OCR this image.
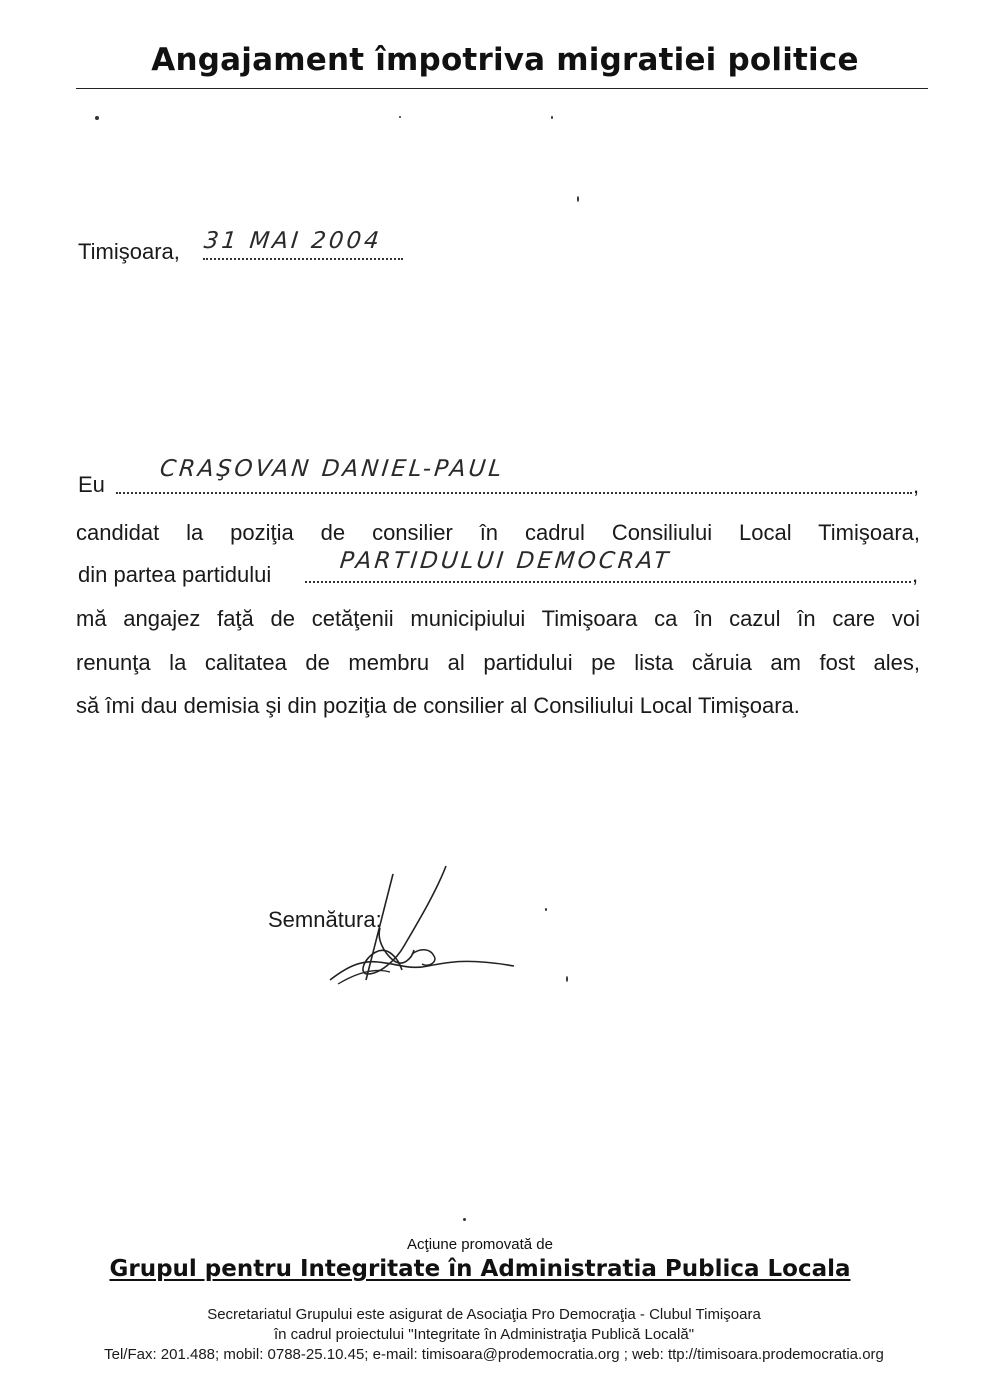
Angajament împotriva migratiei politice
Timişoara, 31 MAI 2004
Eu	,
CRAŞOVAN DANIEL-PAUL
candidat la poziţia de consilier în cadrul Consiliului Local Timişoara,
din partea partidului	,
PARTIDULUI DEMOCRAT
mă angajez faţă de cetăţenii municipiului Timişoara ca în cazul în care voi
renunţa la calitatea de membru al partidului pe lista căruia am fost ales,
să îmi dau demisia şi din poziţia de consilier al Consiliului Local Timişoara.
Semnătura:
Acţiune promovată de
Grupul pentru Integritate în Administratia Publica Locala
Secretariatul Grupului este asigurat de Asociaţia Pro Democraţia - Clubul Timişoara
în cadrul proiectului "Integritate în Administraţia Publică Locală"
Tel/Fax: 201.488; mobil: 0788-25.10.45; e-mail: timisoara@prodemocratia.org ; web: ttp://timisoara.prodemocratia.org
